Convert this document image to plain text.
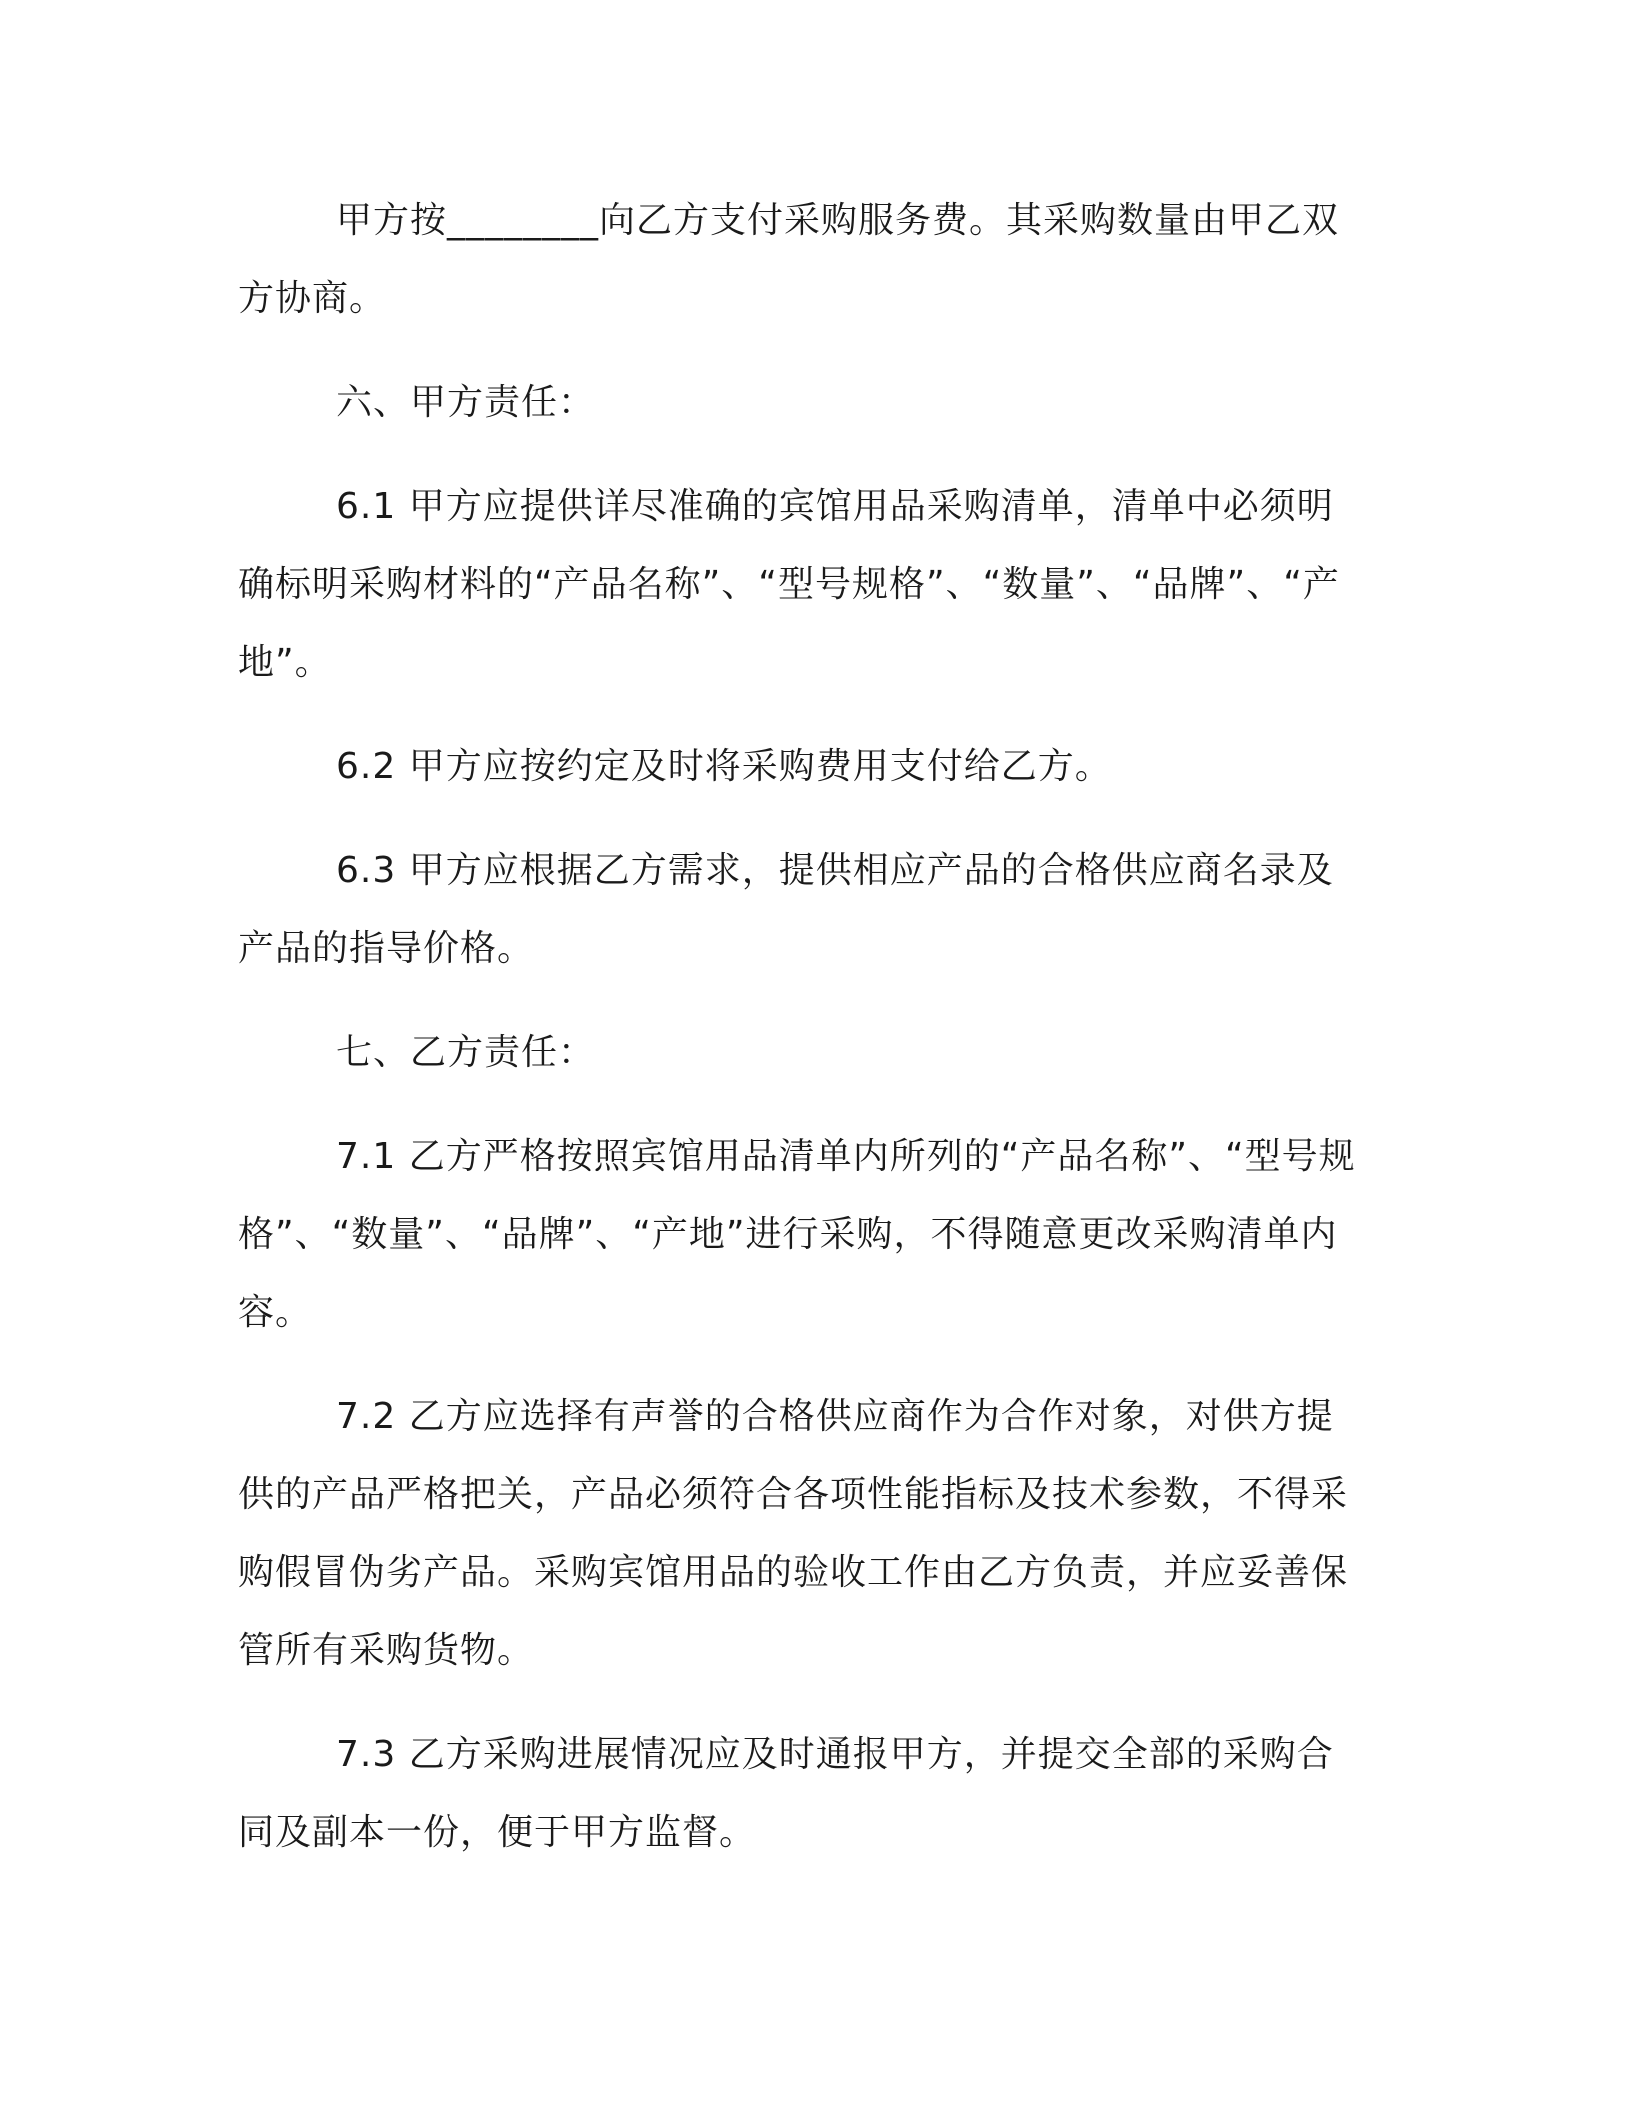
甲方按________向乙方支付采购服务费。其采购数量由甲乙双方协商。

六、甲方责任：

6.1 甲方应提供详尽准确的宾馆用品采购清单，清单中必须明确标明采购材料的“产品名称”、“型号规格”、“数量”、“品牌”、“产地”。

6.2 甲方应按约定及时将采购费用支付给乙方。

6.3 甲方应根据乙方需求，提供相应产品的合格供应商名录及产品的指导价格。

七、乙方责任：

7.1 乙方严格按照宾馆用品清单内所列的“产品名称”、“型号规格”、“数量”、“品牌”、“产地”进行采购，不得随意更改采购清单内容。

7.2 乙方应选择有声誉的合格供应商作为合作对象，对供方提供的产品严格把关，产品必须符合各项性能指标及技术参数，不得采购假冒伪劣产品。采购宾馆用品的验收工作由乙方负责，并应妥善保管所有采购货物。

7.3 乙方采购进展情况应及时通报甲方，并提交全部的采购合同及副本一份，便于甲方监督。
